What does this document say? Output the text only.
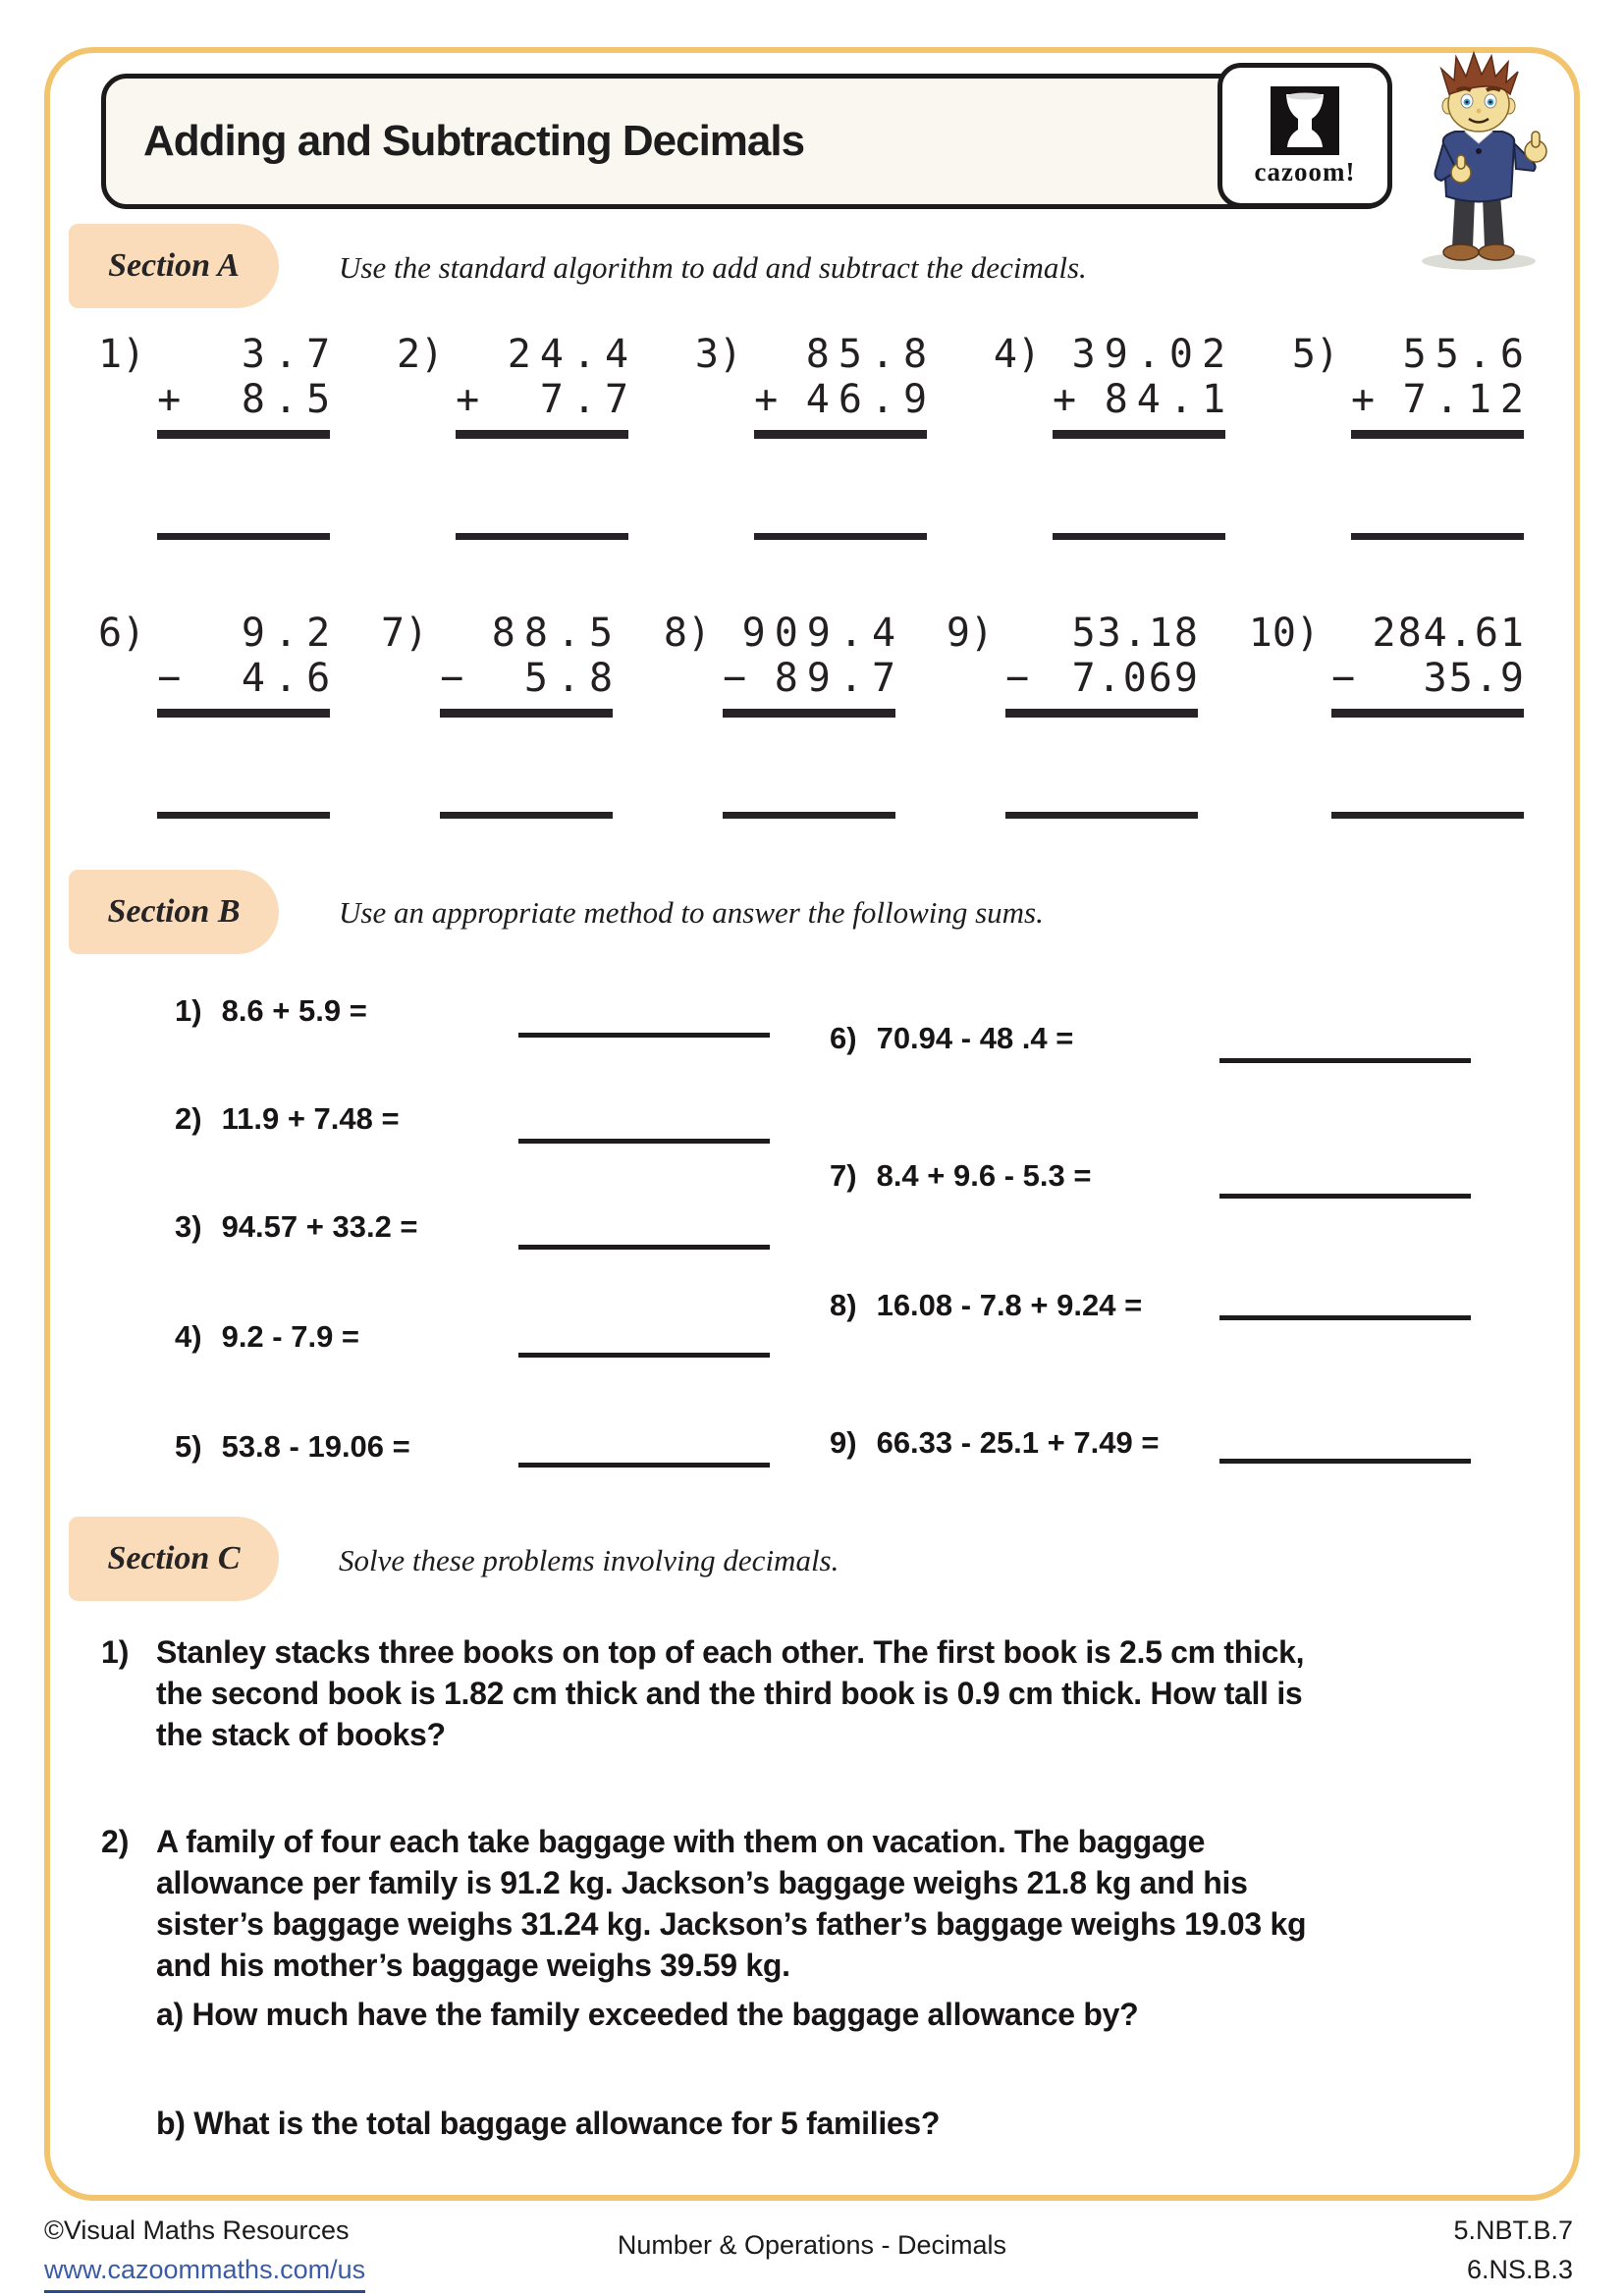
Adding and Subtracting Decimals
cazoom!
Section A	Use the standard algorithm to add and subtract the decimals.
1)	3.7
+ 8.5
2)	24.4
+ 7.7
3)	85.8
+ 46.9
4) 39.02
+ 84.1
5)	55.6
+ 7.12
6)	9.2
− 4.6
7)	88.5
− 5.8
8) 909.4
− 89.7
9)	53.18
− 7.069
10)	284.61
− 35.9
Section B	Use an appropriate method to answer the following sums.
1) 8.6 + 5.9 =
2) 11.9 + 7.48 =
3) 94.57 + 33.2 =
4) 9.2 - 7.9 =
5) 53.8 - 19.06 =
6) 70.94 - 48 .4 =
7) 8.4 + 9.6 - 5.3 =
8) 16.08 - 7.8 + 9.24 =
9) 66.33 - 25.1 + 7.49 =
Section C	Solve these problems involving decimals.
1) Stanley stacks three books on top of each other. The first book is 2.5 cm thick,
the second book is 1.82 cm thick and the third book is 0.9 cm thick. How tall is
the stack of books?
2) A family of four each take baggage with them on vacation. The baggage
allowance per family is 91.2 kg. Jackson’s baggage weighs 21.8 kg and his
sister’s baggage weighs 31.24 kg. Jackson’s father’s baggage weighs 19.03 kg
and his mother’s baggage weighs 39.59 kg.
a) How much have the family exceeded the baggage allowance by?
b) What is the total baggage allowance for 5 families?
©Visual Maths Resources
www.cazoommaths.com/us
Number & Operations - Decimals	5.NBT.B.7
6.NS.B.3
